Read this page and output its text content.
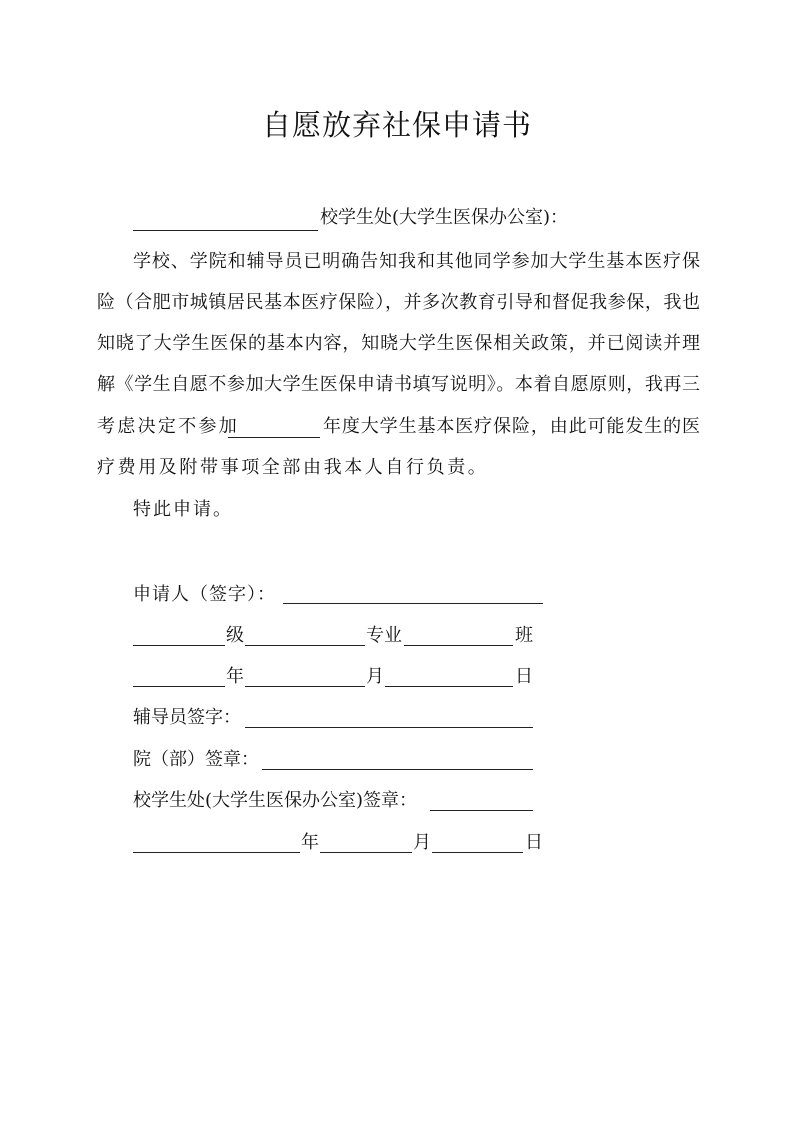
自愿放弃社保申请书
校学生处(大学生医保办公室)：
学校、学院和辅导员已明确告知我和其他同学参加大学生基本医疗保
险（合肥市城镇居民基本医疗保险），并多次教育引导和督促我参保，我也
知晓了大学生医保的基本内容，知晓大学生医保相关政策，并已阅读并理
解《学生自愿不参加大学生医保申请书填写说明》。本着自愿原则，我再三
考虑决定不参加	年度大学生基本医疗保险，由此可能发生的医
疗费用及附带事项全部由我本人自行负责。
特此申请。
申请人（签字）：
级	专业	班
年	月	日
辅导员签字：
院（部）签章：
校学生处(大学生医保办公室)签章：
年	月	日
